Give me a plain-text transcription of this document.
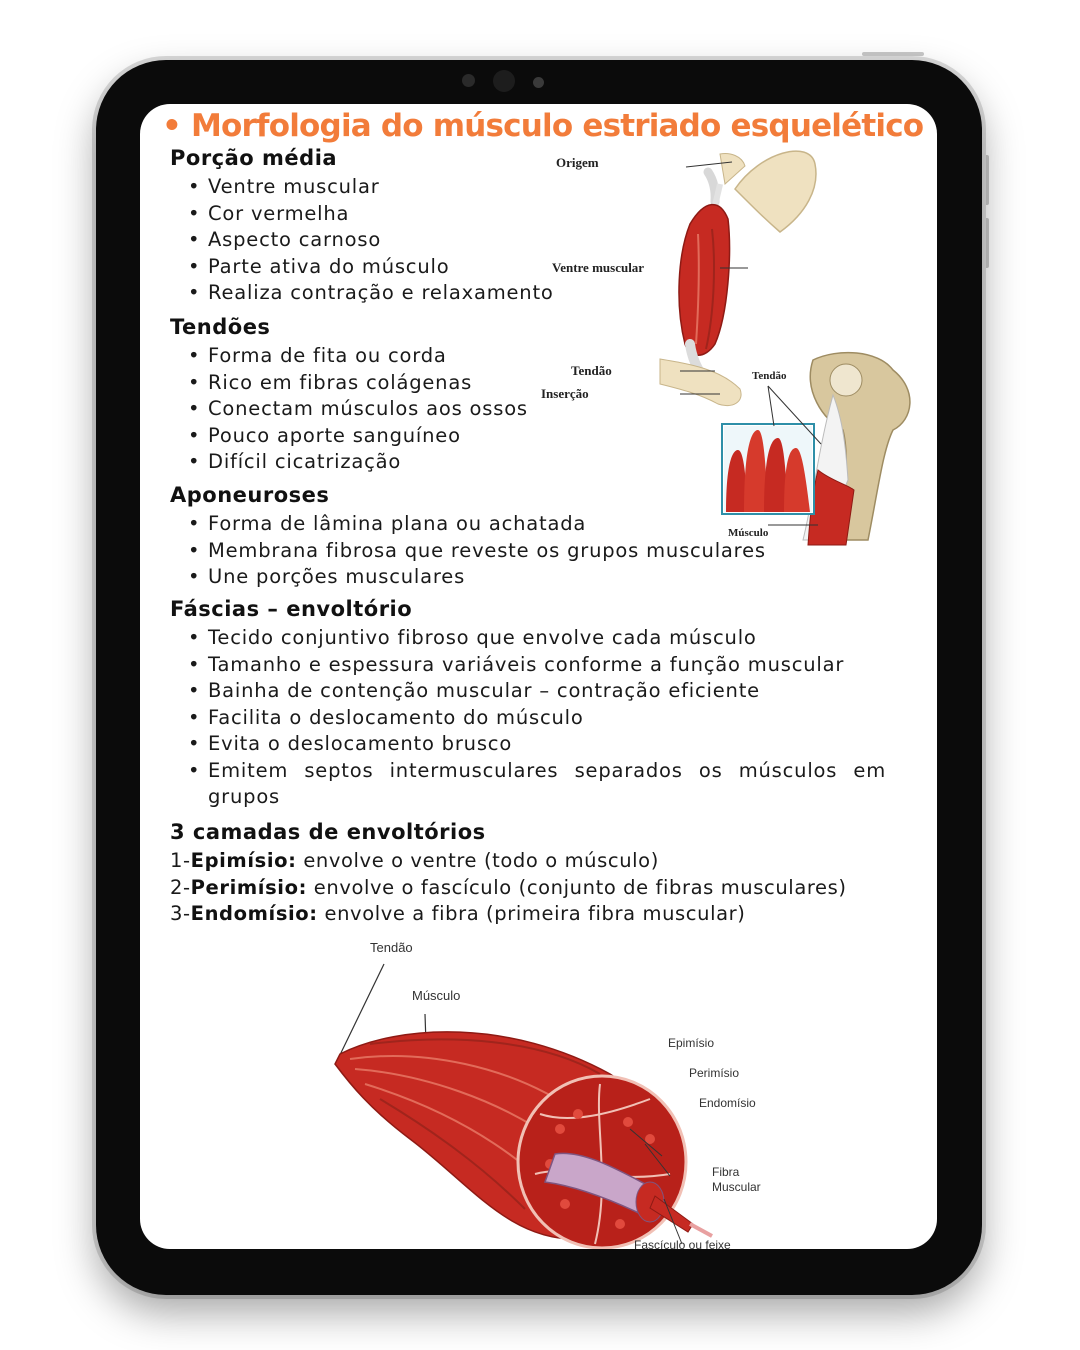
• Morfologia do músculo estriado esquelético
Porção média
• Ventre muscular
• Cor vermelha
• Aspecto carnoso
• Parte ativa do músculo
• Realiza contração e relaxamento
Tendões
• Forma de fita ou corda
• Rico em fibras colágenas
• Conectam músculos aos ossos
• Pouco aporte sanguíneo
• Difícil cicatrização
Aponeuroses
• Forma de lâmina plana ou achatada
• Membrana fibrosa que reveste os grupos musculares
• Une porções musculares
Fáscias – envoltório
• Tecido conjuntivo fibroso que envolve cada músculo
• Tamanho e espessura variáveis conforme a função muscular
• Bainha de contenção muscular – contração eficiente
• Facilita o deslocamento do músculo
• Evita o deslocamento brusco
• Emitem septos intermusculares separados os músculos em grupos
3 camadas de envoltórios
1-Epimísio: envolve o ventre (todo o músculo)
2-Perimísio: envolve o fascículo (conjunto de fibras musculares)
3-Endomísio: envolve a fibra (primeira fibra muscular)
Origem
Ventre muscular
Tendão
Inserção
Tendão
Músculo
Tendão
Músculo
Epimísio
Perimísio
Endomísio
Fibra
Muscular
Fascículo ou feixe
